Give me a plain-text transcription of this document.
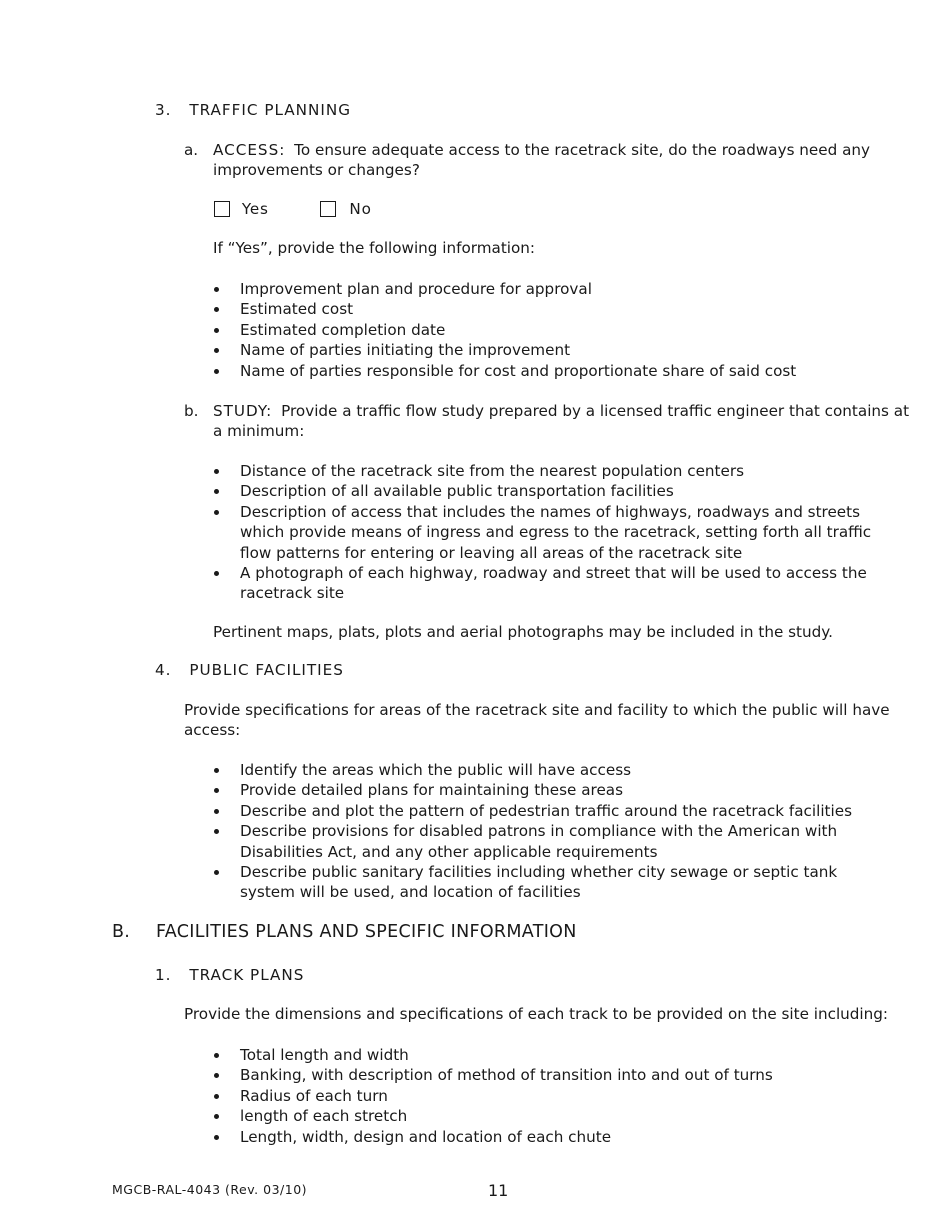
3. TRAFFIC PLANNING
a. ACCESS: To ensure adequate access to the racetrack site, do the roadways need any improvements or changes?
Yes	No
If “Yes”, provide the following information:
Improvement plan and procedure for approval
Estimated cost
Estimated completion date
Name of parties initiating the improvement
Name of parties responsible for cost and proportionate share of said cost
b. STUDY: Provide a traffic flow study prepared by a licensed traffic engineer that contains at a minimum:
Distance of the racetrack site from the nearest population centers
Description of all available public transportation facilities
Description of access that includes the names of highways, roadways and streets which provide means of ingress and egress to the racetrack, setting forth all traffic flow patterns for entering or leaving all areas of the racetrack site
A photograph of each highway, roadway and street that will be used to access the racetrack site
Pertinent maps, plats, plots and aerial photographs may be included in the study.
4. PUBLIC FACILITIES
Provide specifications for areas of the racetrack site and facility to which the public will have access:
Identify the areas which the public will have access
Provide detailed plans for maintaining these areas
Describe and plot the pattern of pedestrian traffic around the racetrack facilities
Describe provisions for disabled patrons in compliance with the American with Disabilities Act, and any other applicable requirements
Describe public sanitary facilities including whether city sewage or septic tank system will be used, and location of facilities
B. FACILITIES PLANS AND SPECIFIC INFORMATION
1. TRACK PLANS
Provide the dimensions and specifications of each track to be provided on the site including:
Total length and width
Banking, with description of method of transition into and out of turns
Radius of each turn
length of each stretch
Length, width, design and location of each chute
MGCB-RAL-4043 (Rev. 03/10)	11
